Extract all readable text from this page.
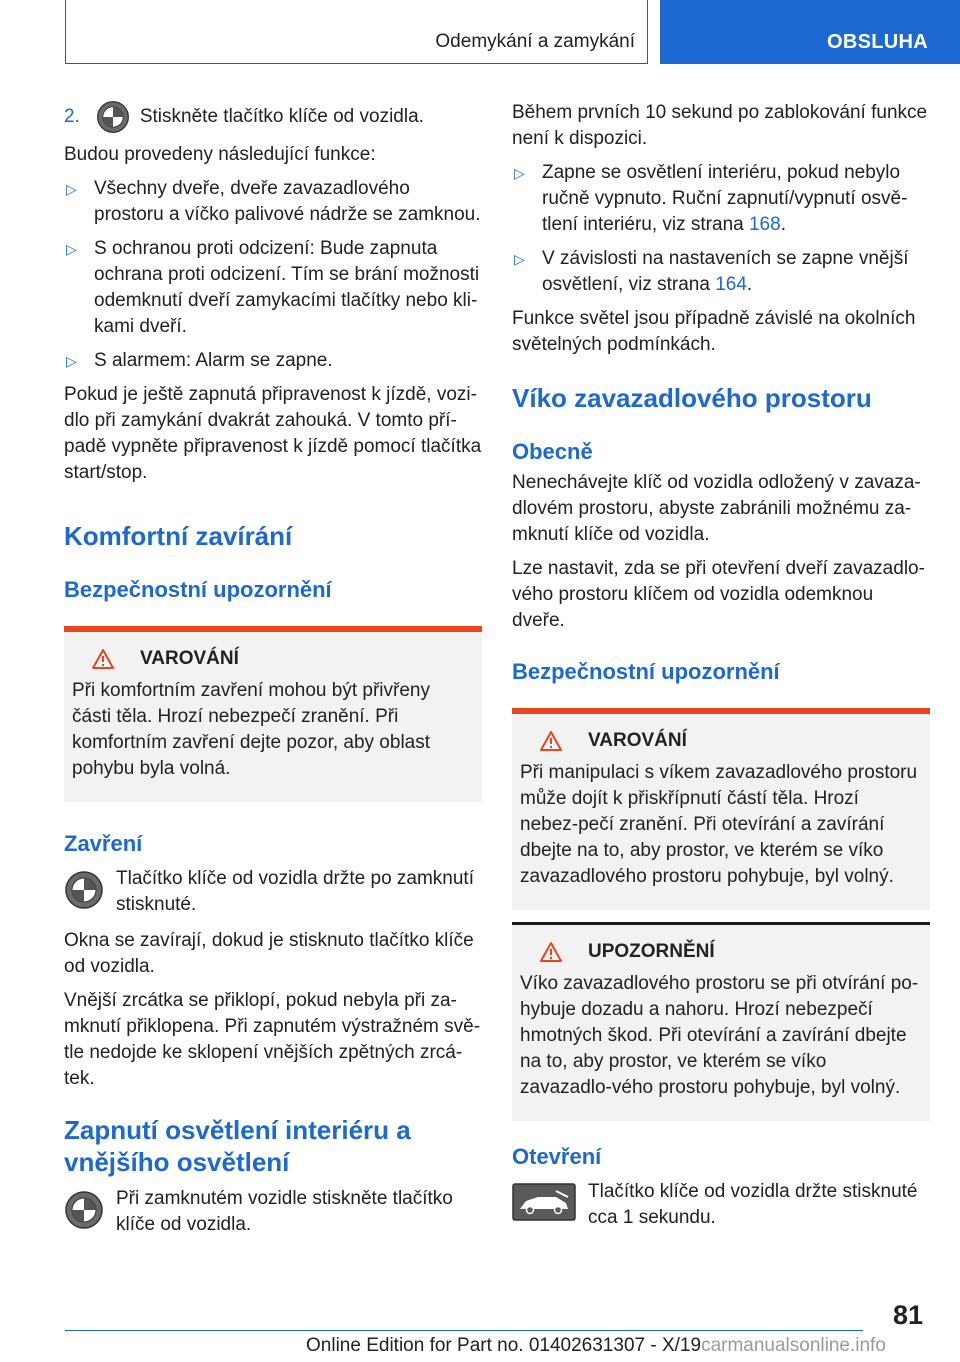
Odemykání a zamykání	OBSLUHA
2.	Stiskněte tlačítko klíče od vozidla.

Budou provedeny následující funkce:

▷ Všechny dveře, dveře zavazadlového prostoru a víčko palivové nádrže se zamknou.
▷ S ochranou proti odcizení: Bude zapnuta ochrana proti odcizení. Tím se brání možnosti odemknutí dveří zamykacími tlačítky nebo kli-kami dveří.
▷ S alarmem: Alarm se zapne.

Pokud je ještě zapnutá připravenost k jízdě, vozi-dlo při zamykání dvakrát zahouká. V tomto pří-padě vypněte připravenost k jízdě pomocí tlačítka start/stop.

Komfortní zavírání
Bezpečnostní upozornění
VAROVÁNÍ

Při komfortním zavření mohou být přivřeny části těla. Hrozí nebezpečí zranění. Při komfortním zavření dejte pozor, aby oblast pohybu byla volná.

Zavření

Tlačítko klíče od vozidla držte po zamknutí stisknuté.

Okna se zavírají, dokud je stisknuto tlačítko klíče od vozidla.

Vnější zrcátka se přiklopí, pokud nebyla při za-mknutí přiklopena. Při zapnutém výstražném svě-tle nedojde ke sklopení vnějších zpětných zrcá-tek.

Zapnutí osvětlení interiéru a vnějšího osvětlení

Při zamknutém vozidle stiskněte tlačítko klíče od vozidla.

Během prvních 10 sekund po zablokování funkce není k dispozici.

▷ Zapne se osvětlení interiéru, pokud nebylo ručně vypnuto. Ruční zapnutí/vypnutí osvě-tlení interiéru, viz strana 168.
▷ V závislosti na nastaveních se zapne vnější osvětlení, viz strana 164.

Funkce světel jsou případně závislé na okolních světelných podmínkách.

Víko zavazadlového prostoru
Obecně

Nenechávejte klíč od vozidla odložený v zavaza-dlovém prostoru, abyste zabránili možnému za-mknutí klíče od vozidla.

Lze nastavit, zda se při otevření dveří zavazadlo-vého prostoru klíčem od vozidla odemknou dveře.

Bezpečnostní upozornění
VAROVÁNÍ

Při manipulaci s víkem zavazadlového prostoru může dojít k přiskřípnutí částí těla. Hrozí nebez-pečí zranění. Při otevírání a zavírání dbejte na to, aby prostor, ve kterém se víko zavazadlového prostoru pohybuje, byl volný.

UPOZORNĚNÍ

Víko zavazadlového prostoru se při otvírání po-hybuje dozadu a nahoru. Hrozí nebezpečí hmotných škod. Při otevírání a zavírání dbejte na to, aby prostor, ve kterém se víko zavazadlo-vého prostoru pohybuje, byl volný.

Otevření

Tlačítko klíče od vozidla držte stisknuté cca 1 sekundu.

81
Online Edition for Part no. 01402631307 - X/19carmanualsonline.info
